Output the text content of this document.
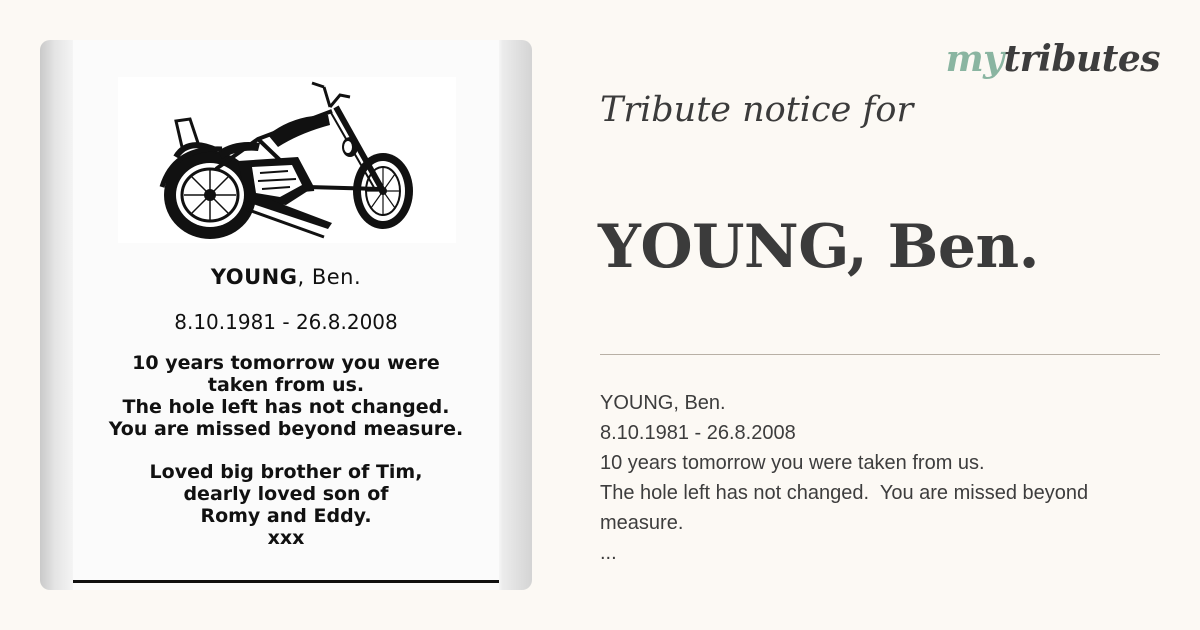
YOUNG, Ben.
8.10.1981 - 26.8.2008
10 years tomorrow you were
taken from us.
The hole left has not changed.
You are missed beyond measure.
Loved big brother of Tim,
dearly loved son of
Romy and Eddy.
xxx
mytributes
Tribute notice for
YOUNG, Ben.
YOUNG, Ben.
8.10.1981 - 26.8.2008
10 years tomorrow you were taken from us.
The hole left has not changed.  You are missed beyond
measure.
...
